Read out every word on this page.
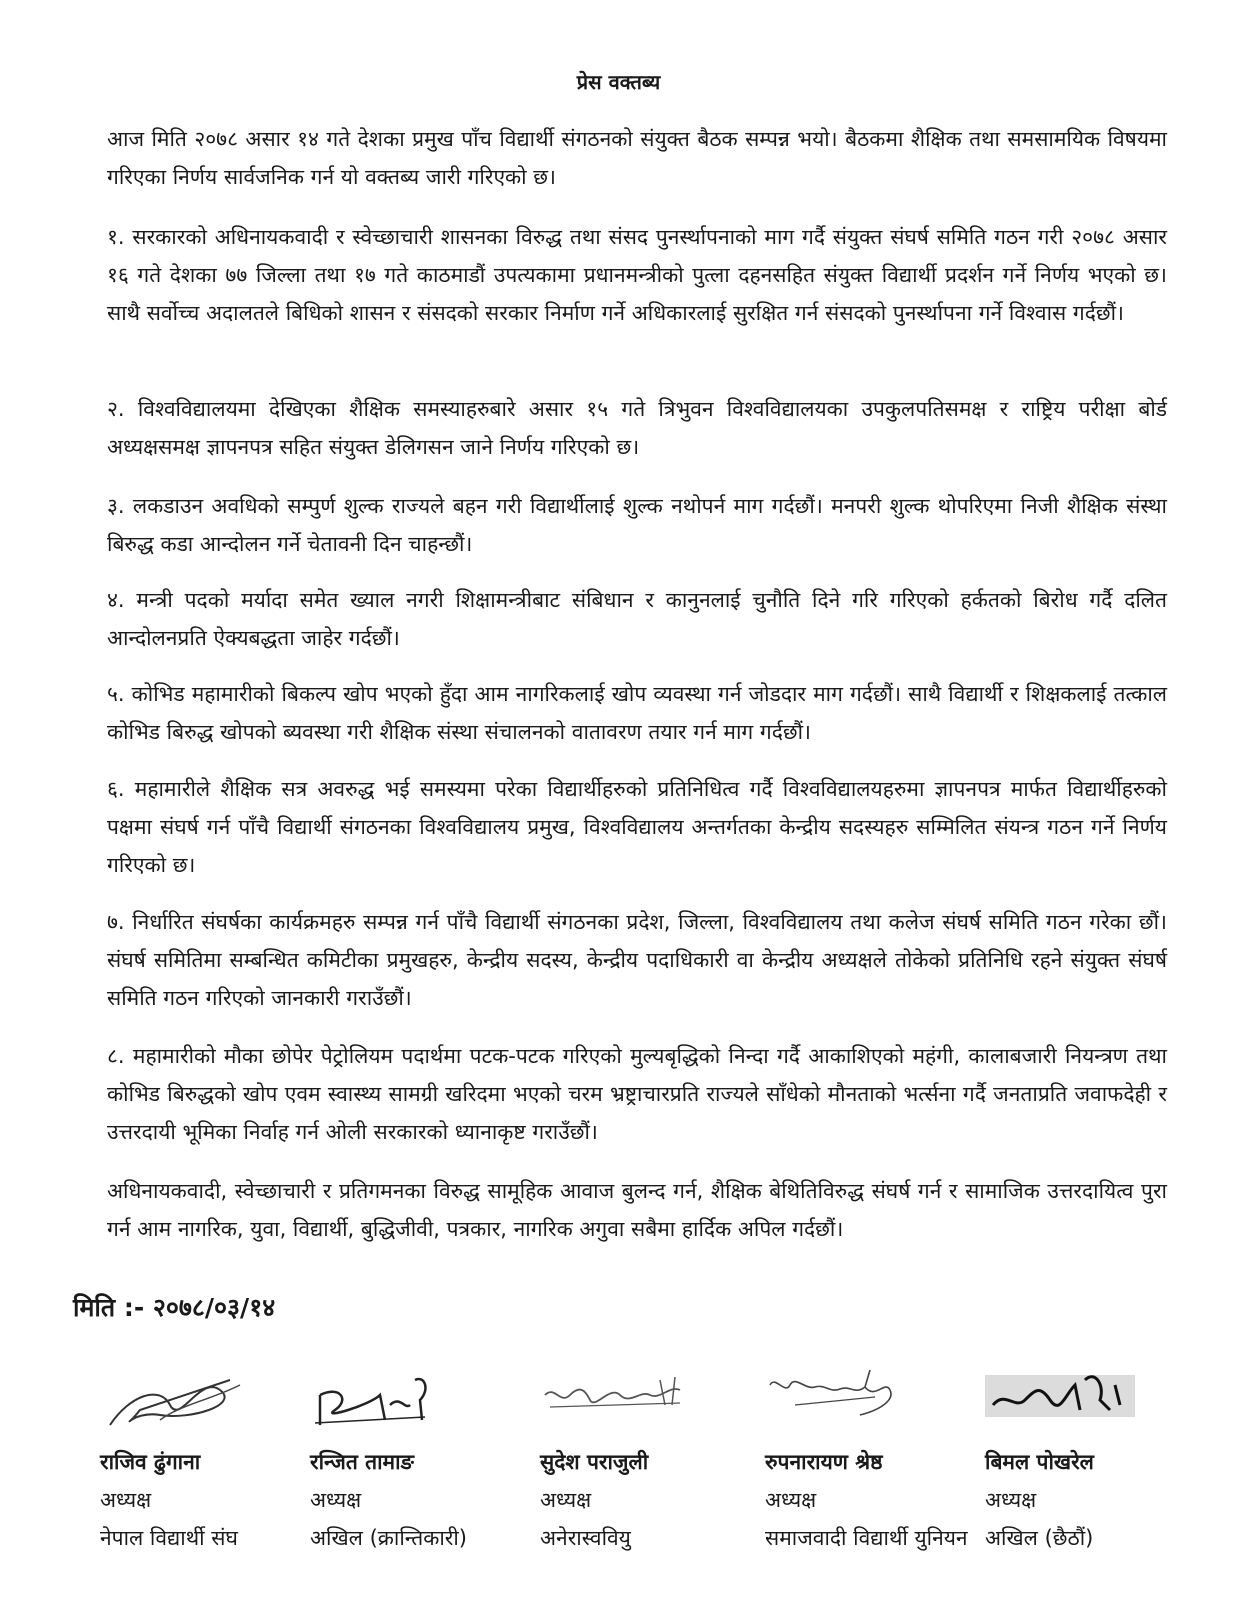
प्रेस वक्तब्य

आज मिति २०७८ असार १४ गते देशका प्रमुख पाँच विद्यार्थी संगठनको संयुक्त बैठक सम्पन्न भयो। बैठकमा शैक्षिक तथा समसामयिक विषयमा गरिएका निर्णय सार्वजनिक गर्न यो वक्तब्य जारी गरिएको छ।

१. सरकारको अधिनायकवादी र स्वेच्छाचारी शासनका विरुद्ध तथा संसद पुनर्स्थापनाको माग गर्दै संयुक्त संघर्ष समिति गठन गरी २०७८ असार १६ गते देशका ७७ जिल्ला तथा १७ गते काठमाडौं उपत्यकामा प्रधानमन्त्रीको पुत्ला दहनसहित संयुक्त विद्यार्थी प्रदर्शन गर्ने निर्णय भएको छ। साथै सर्वोच्च अदालतले बिधिको शासन र संसदको सरकार निर्माण गर्ने अधिकारलाई सुरक्षित गर्न संसदको पुनर्स्थापना गर्ने विश्वास गर्दछौं।

२. विश्वविद्यालयमा देखिएका शैक्षिक समस्याहरुबारे असार १५ गते त्रिभुवन विश्वविद्यालयका उपकुलपतिसमक्ष र राष्ट्रिय परीक्षा बोर्ड अध्यक्षसमक्ष ज्ञापनपत्र सहित संयुक्त डेलिगसन जाने निर्णय गरिएको छ।

३. लकडाउन अवधिको सम्पुर्ण शुल्क राज्यले बहन गरी विद्यार्थीलाई शुल्क नथोपर्न माग गर्दछौं। मनपरी शुल्क थोपरिएमा निजी शैक्षिक संस्था बिरुद्ध कडा आन्दोलन गर्ने चेतावनी दिन चाहन्छौं।

४. मन्त्री पदको मर्यादा समेत ख्याल नगरी शिक्षामन्त्रीबाट संबिधान र कानुनलाई चुनौति दिने गरि गरिएको हर्कतको बिरोध गर्दै दलित आन्दोलनप्रति ऐक्यबद्धता जाहेर गर्दछौं।

५. कोभिड महामारीको बिकल्प खोप भएको हुँदा आम नागरिकलाई खोप व्यवस्था गर्न जोडदार माग गर्दछौं। साथै विद्यार्थी र शिक्षकलाई तत्काल कोभिड बिरुद्ध खोपको ब्यवस्था गरी शैक्षिक संस्था संचालनको वातावरण तयार गर्न माग गर्दछौं।

६. महामारीले शैक्षिक सत्र अवरुद्ध भई समस्यमा परेका विद्यार्थीहरुको प्रतिनिधित्व गर्दै विश्वविद्यालयहरुमा ज्ञापनपत्र मार्फत विद्यार्थीहरुको पक्षमा संघर्ष गर्न पाँचै विद्यार्थी संगठनका विश्वविद्यालय प्रमुख, विश्वविद्यालय अन्तर्गतका केन्द्रीय सदस्यहरु सम्मिलित संयन्त्र गठन गर्ने निर्णय गरिएको छ।

७. निर्धारित संघर्षका कार्यक्रमहरु सम्पन्न गर्न पाँचै विद्यार्थी संगठनका प्रदेश, जिल्ला, विश्वविद्यालय तथा कलेज संघर्ष समिति गठन गरेका छौं। संघर्ष समितिमा सम्बन्धित कमिटीका प्रमुखहरु, केन्द्रीय सदस्य, केन्द्रीय पदाधिकारी वा केन्द्रीय अध्यक्षले तोकेको प्रतिनिधि रहने संयुक्त संघर्ष समिति गठन गरिएको जानकारी गराउँछौं।

८. महामारीको मौका छोपेर पेट्रोलियम पदार्थमा पटक-पटक गरिएको मुल्यबृद्धिको निन्दा गर्दै आकाशिएको महंगी, कालाबजारी नियन्त्रण तथा कोभिड बिरुद्धको खोप एवम स्वास्थ्य सामग्री खरिदमा भएको चरम भ्रष्ट्राचारप्रति राज्यले साँधेको मौनताको भर्त्सना गर्दै जनताप्रति जवाफदेही र उत्तरदायी भूमिका निर्वाह गर्न ओली सरकारको ध्यानाकृष्ट गराउँछौं।

अधिनायकवादी, स्वेच्छाचारी र प्रतिगमनका विरुद्ध सामूहिक आवाज बुलन्द गर्न, शैक्षिक बेथितिविरुद्ध संघर्ष गर्न र सामाजिक उत्तरदायित्व पुरा गर्न आम नागरिक, युवा, विद्यार्थी, बुद्धिजीवी, पत्रकार, नागरिक अगुवा सबैमा हार्दिक अपिल गर्दछौं।

मिति :- २०७८/०३/१४
राजिव ढुंगाना
अध्यक्ष
नेपाल विद्यार्थी संघ
रन्जित तामाङ
अध्यक्ष
अखिल (क्रान्तिकारी)
सुदेश पराजुली
अध्यक्ष
अनेरास्ववियु
रुपनारायण श्रेष्ठ
अध्यक्ष
समाजवादी विद्यार्थी युनियन
बिमल पोखरेल
अध्यक्ष
अखिल (छैठौं)
